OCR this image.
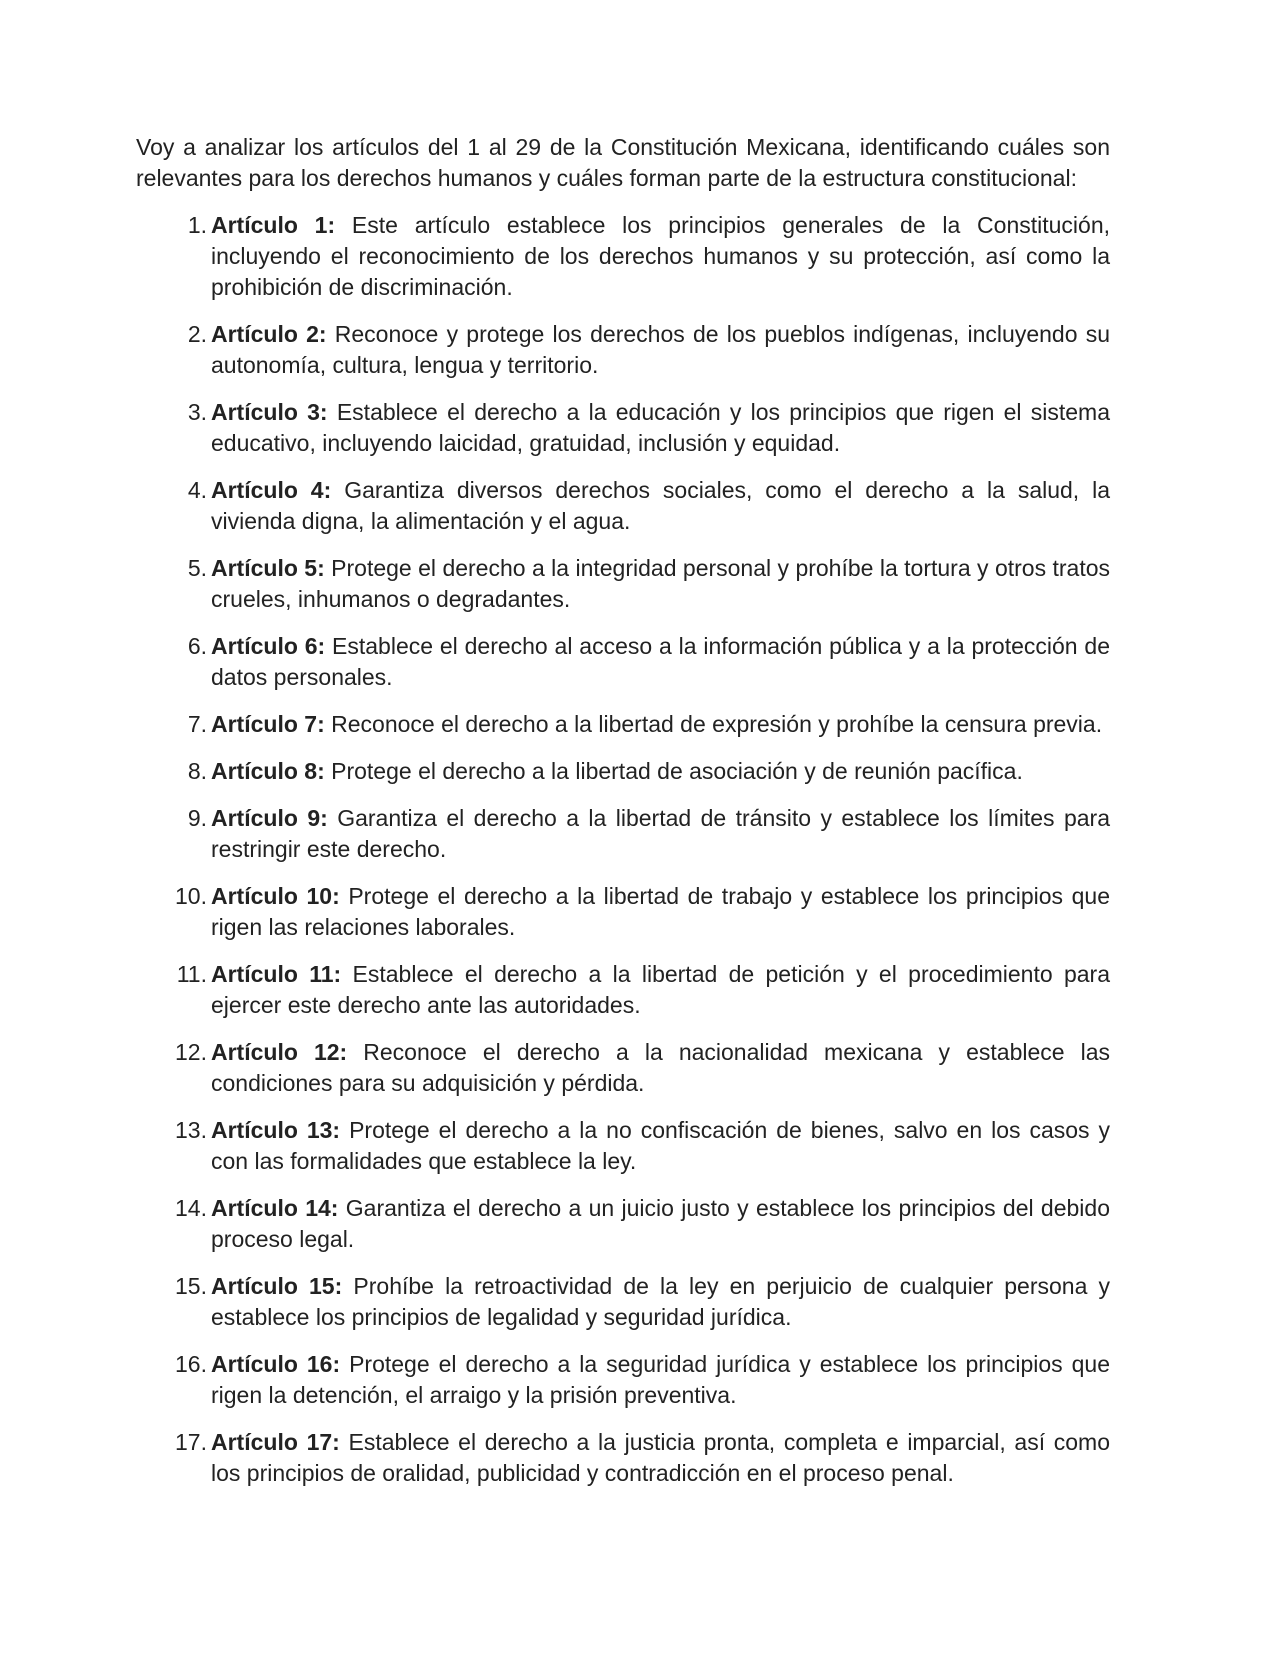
Voy a analizar los artículos del 1 al 29 de la Constitución Mexicana, identificando cuáles son relevantes para los derechos humanos y cuáles forman parte de la estructura constitucional:

1. Artículo 1: Este artículo establece los principios generales de la Constitución, incluyendo el reconocimiento de los derechos humanos y su protección, así como la prohibición de discriminación.
2. Artículo 2: Reconoce y protege los derechos de los pueblos indígenas, incluyendo su autonomía, cultura, lengua y territorio.
3. Artículo 3: Establece el derecho a la educación y los principios que rigen el sistema educativo, incluyendo laicidad, gratuidad, inclusión y equidad.
4. Artículo 4: Garantiza diversos derechos sociales, como el derecho a la salud, la vivienda digna, la alimentación y el agua.
5. Artículo 5: Protege el derecho a la integridad personal y prohíbe la tortura y otros tratos crueles, inhumanos o degradantes.
6. Artículo 6: Establece el derecho al acceso a la información pública y a la protección de datos personales.
7. Artículo 7: Reconoce el derecho a la libertad de expresión y prohíbe la censura previa.
8. Artículo 8: Protege el derecho a la libertad de asociación y de reunión pacífica.
9. Artículo 9: Garantiza el derecho a la libertad de tránsito y establece los límites para restringir este derecho.
10. Artículo 10: Protege el derecho a la libertad de trabajo y establece los principios que rigen las relaciones laborales.
11. Artículo 11: Establece el derecho a la libertad de petición y el procedimiento para ejercer este derecho ante las autoridades.
12. Artículo 12: Reconoce el derecho a la nacionalidad mexicana y establece las condiciones para su adquisición y pérdida.
13. Artículo 13: Protege el derecho a la no confiscación de bienes, salvo en los casos y con las formalidades que establece la ley.
14. Artículo 14: Garantiza el derecho a un juicio justo y establece los principios del debido proceso legal.
15. Artículo 15: Prohíbe la retroactividad de la ley en perjuicio de cualquier persona y establece los principios de legalidad y seguridad jurídica.
16. Artículo 16: Protege el derecho a la seguridad jurídica y establece los principios que rigen la detención, el arraigo y la prisión preventiva.
17. Artículo 17: Establece el derecho a la justicia pronta, completa e imparcial, así como los principios de oralidad, publicidad y contradicción en el proceso penal.
